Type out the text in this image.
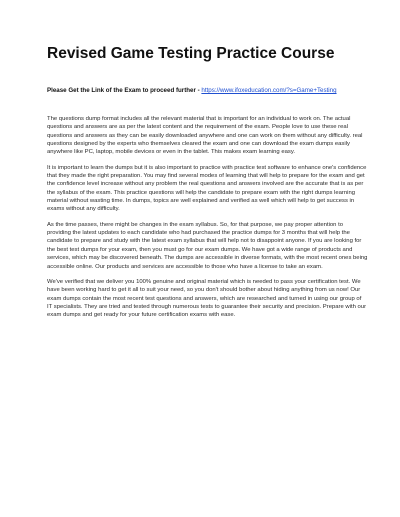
Revised Game Testing Practice Course

Please Get the Link of the Exam to proceed further - https://www.ifoxeducation.com/?s=Game+Testing

The questions dump format includes all the relevant material that is important for an individual to work on. The actual questions and answers are as per the latest content and the requirement of the exam. People love to use these real questions and answers as they can be easily downloaded anywhere and one can work on them without any difficulty. real questions designed by the experts who themselves cleared the exam and one can download the exam dumps easily anywhere like PC, laptop, mobile devices or even in the tablet. This makes exam learning easy.

It is important to learn the dumps but it is also important to practice with practice test software to enhance one's confidence that they made the right preparation. You may find several modes of learning that will help to prepare for the exam and get the confidence level increase without any problem the real questions and answers involved are the accurate that is as per the syllabus of the exam. This practice questions will help the candidate to prepare exam with the right dumps learning material without wasting time. In dumps, topics are well explained and verified as well which will help to get success in exams without any difficulty.

As the time passes, there might be changes in the exam syllabus. So, for that purpose, we pay proper attention to providing the latest updates to each candidate who had purchased the practice dumps for 3 months that will help the candidate to prepare and study with the latest exam syllabus that will help not to disappoint anyone. If you are looking for the best test dumps for your exam, then you must go for our exam dumps. We have got a wide range of products and services, which may be discovered beneath. The dumps are accessible in diverse formats, with the most recent ones being accessible online. Our products and services are accessible to those who have a license to take an exam.

We've verified that we deliver you 100% genuine and original material which is needed to pass your certification test. We have been working hard to get it all to suit your need, so you don't should bother about hiding anything from us now! Our exam dumps contain the most recent test questions and answers, which are researched and turned in using our group of IT specialists. They are tried and tested through numerous tests to guarantee their security and precision. Prepare with our exam dumps and get ready for your future certification exams with ease.
